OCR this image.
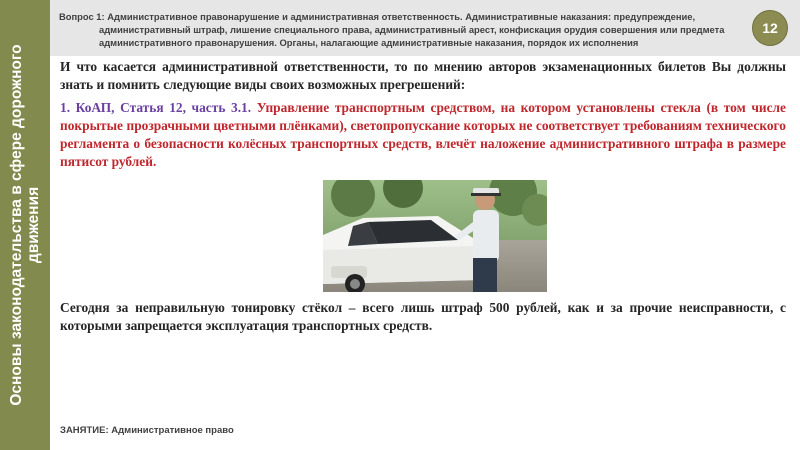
Основы законодательства в сфере дорожного движения
Вопрос 1: Административное правонарушение и административная ответственность. Административные наказания: предупреждение, административный штраф, лишение специального права, административный арест, конфискация орудия совершения или предмета административного правонарушения. Органы, налагающие административные наказания, порядок их исполнения
12
И что касается административной ответственности, то по мнению авторов экзаменационных билетов Вы должны знать и помнить следующие виды своих возможных прегрешений:
1. КоАП, Статья 12, часть 3.1. Управление транспортным средством, на котором установлены стекла (в том числе покрытые прозрачными цветными плёнками), светопропускание которых не соответствует требованиям технического регламента о безопасности колёсных транспортных средств, влечёт наложение административного штрафа в размере пятисот рублей.
Сегодня за неправильную тонировку стёкол – всего лишь штраф 500 рублей, как и за прочие неисправности, с которыми запрещается эксплуатация транспортных средств.
ЗАНЯТИЕ: Административное право
